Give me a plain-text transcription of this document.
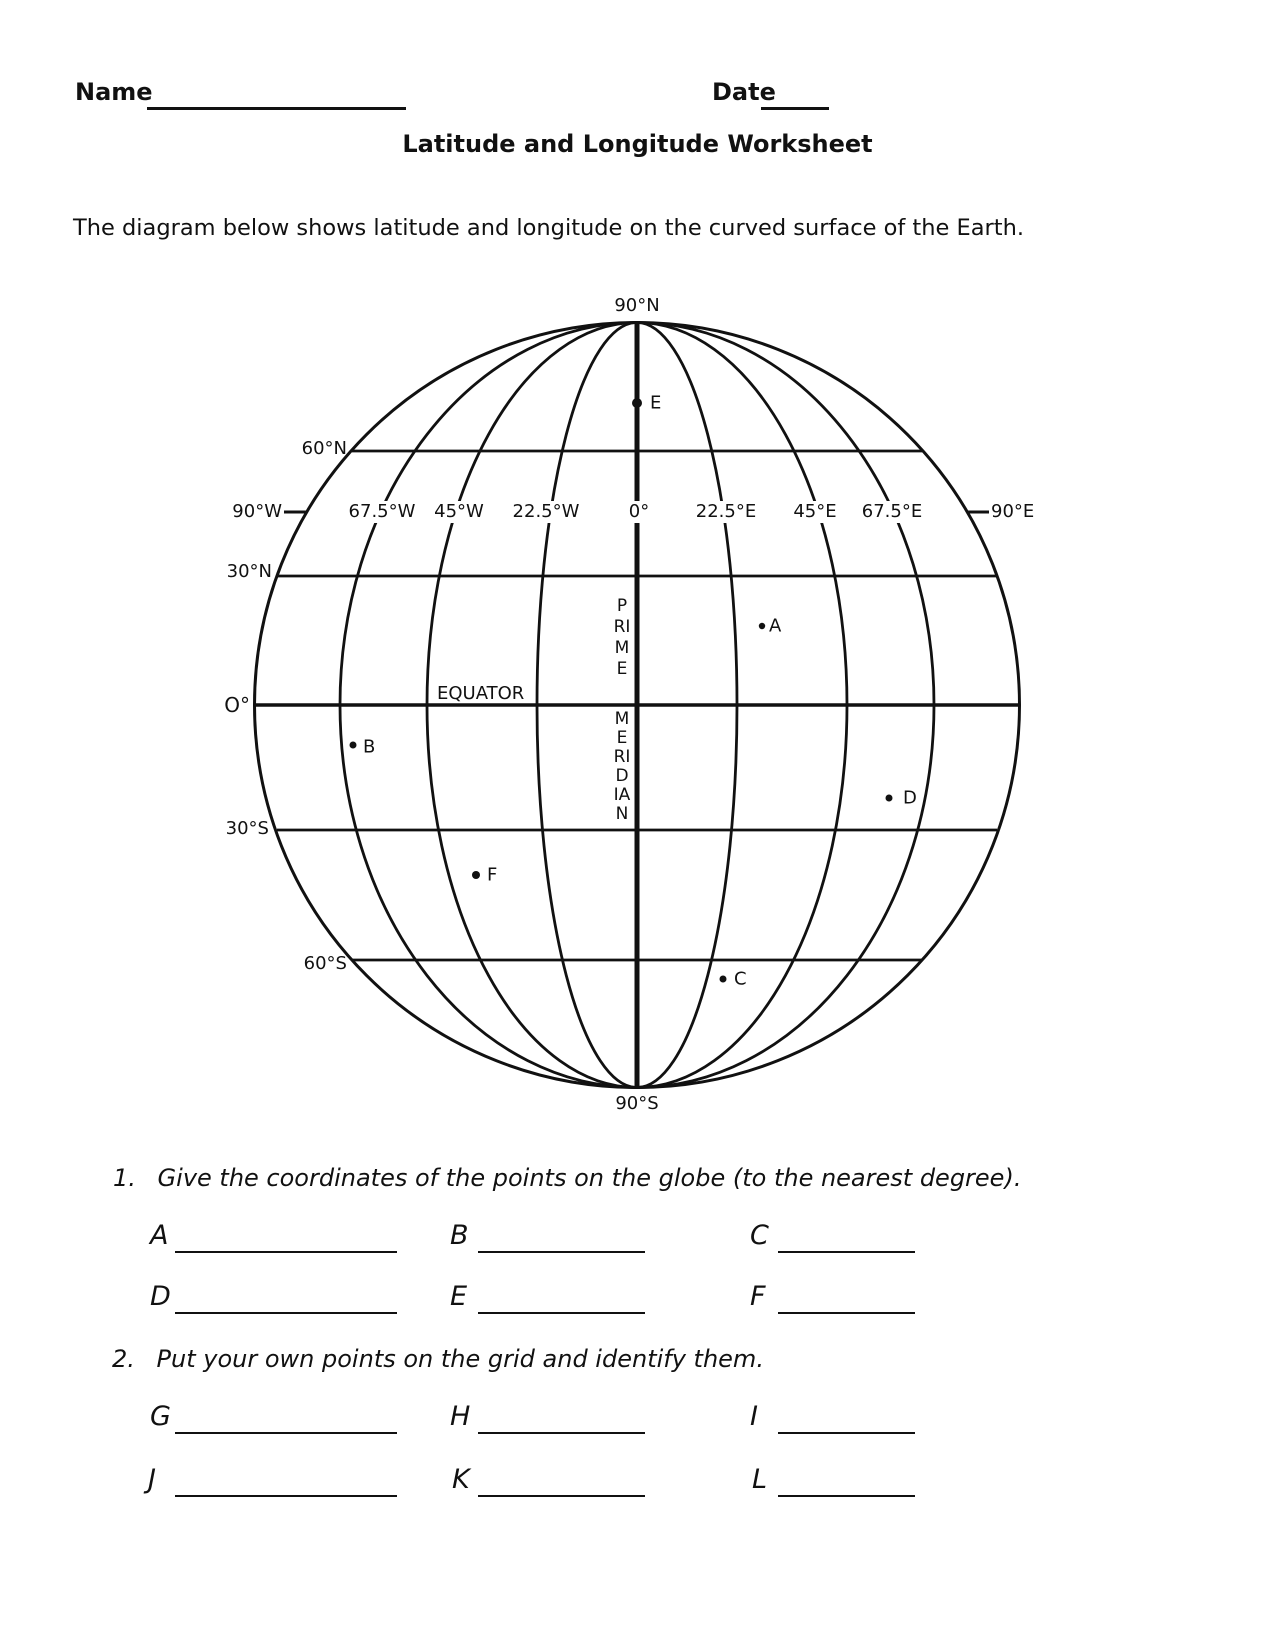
Name	Date
Latitude and Longitude Worksheet
The diagram below shows latitude and longitude on the curved surface of the Earth.
90°N
90°S
60°N
30°N
O°
30°S
60°S
90°W	67.5°W 45°W 22.5°W	0°	22.5°E 45°E 67.5°E	90°E
EQUATOR
PRIME
MERIDIAN
E
A
B
D
F
C
1. Give the coordinates of the points on the globe (to the nearest degree).
A	B	C
D	E	F
2. Put your own points on the grid and identify them.
G	H	I
J	K	L
